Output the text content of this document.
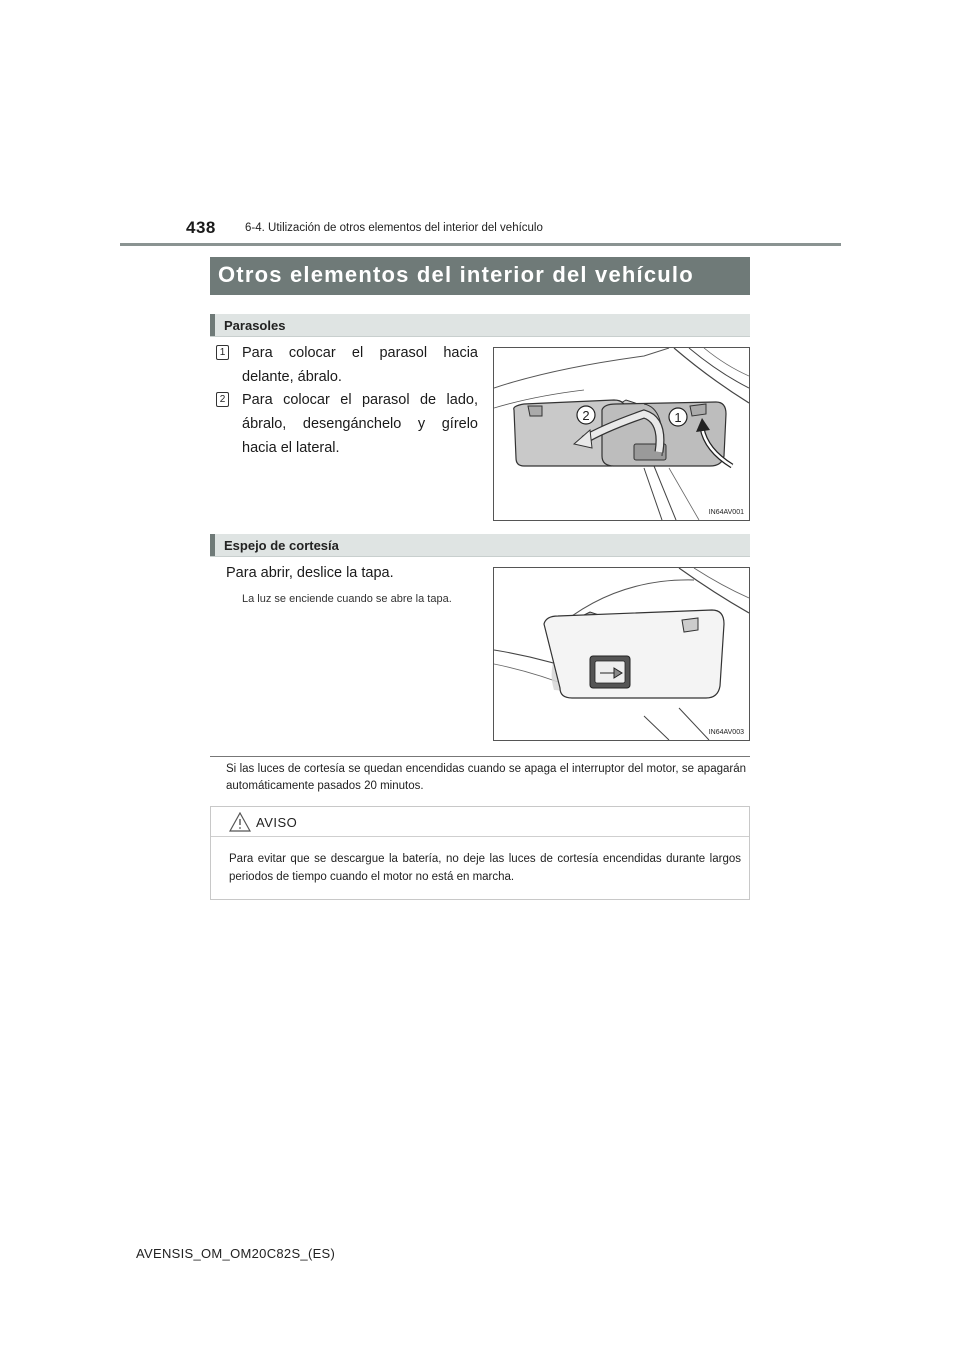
438	6-4. Utilización de otros elementos del interior del vehículo
Otros elementos del interior del vehículo
Parasoles
1 Para colocar el parasol hacia
delante, ábralo.
2 Para colocar el parasol de lado,
ábralo, desengánchelo y gírelo
hacia el lateral.
2	1
IN64AV001
Espejo de cortesía
Para abrir, deslice la tapa.
La luz se enciende cuando se abre la tapa.
IN64AV003
Si las luces de cortesía se quedan encendidas cuando se apaga el interruptor del motor, se apagarán automáticamente pasados 20 minutos.
AVISO
Para evitar que se descargue la batería, no deje las luces de cortesía encendidas durante largos periodos de tiempo cuando el motor no está en marcha.
AVENSIS_OM_OM20C82S_(ES)
